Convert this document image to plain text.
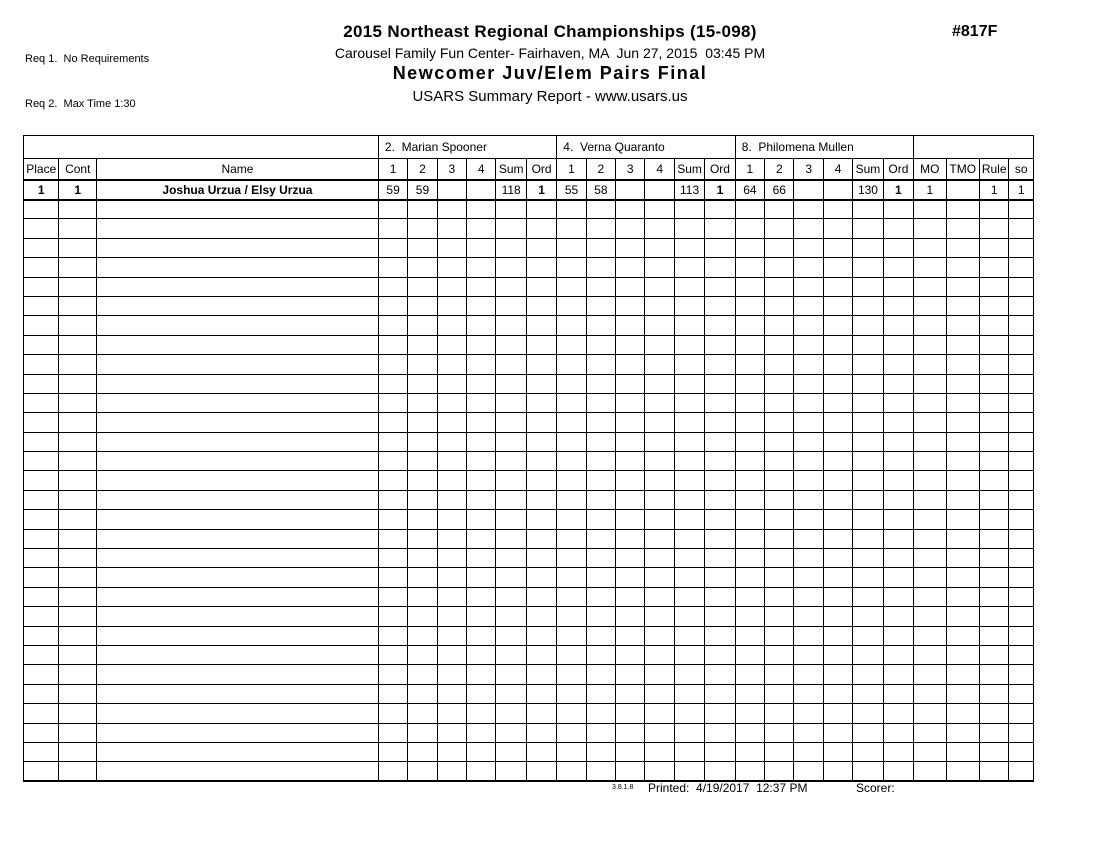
Req 1.  No Requirements

Req 2.  Max Time 1:30

2015 Northeast Regional Championships (15-098)
Carousel Family Fun Center- Fairhaven, MA  Jun 27, 2015  03:45 PM
Newcomer Juv/Elem Pairs Final
USARS Summary Report - www.usars.us
#817F
			2.  Marian Spooner						4.  Verna Quaranto						8.  Philomena Mullen									
Place	Cont	Name	1	2	3	4	Sum	Ord	1	2	3	4	Sum	Ord	1	2	3	4	Sum	Ord	MO	TMO	Rule	so
1	1	Joshua Urzua / Elsy Urzua	59	59			118	1	55	58			113	1	64	66			130	1	1		1	1

3.8.1.8 Printed:  4/19/2017  12:37 PM	Scorer:
